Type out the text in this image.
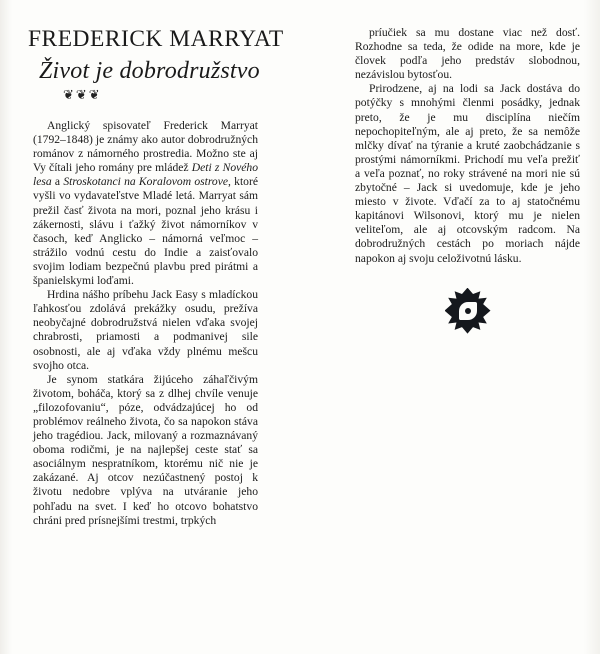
FREDERICK MARRYAT
Život je dobrodružstvo
❦❦❦

Anglický spisovateľ Frederick Marryat (1792–1848) je známy ako autor dobrodružných románov z námorného prostredia. Možno ste aj Vy čítali jeho romány pre mládež Deti z Nového lesa a Stroskotanci na Koralovom ostrove, ktoré vyšli vo vydavateľstve Mladé letá. Marryat sám prežil časť života na mori, poznal jeho krásu i zákernosti, slávu i ťažký život námorníkov v časoch, keď Anglicko – námorná veľmoc – strážilo vodnú cestu do Indie a zaisťovalo svojim lodiam bezpečnú plavbu pred pirátmi a španielskymi loďami.

Hrdina nášho príbehu Jack Easy s mladíckou ľahkosťou zdolává prekážky osudu, prežíva neobyčajné dobrodružstvá nielen vďaka svojej chrabrosti, priamosti a podmanivej sile osobnosti, ale aj vďaka vždy plnému mešcu svojho otca.

Je synom statkára žijúceho záhaľčivým životom, boháča, ktorý sa z dlhej chvíle venuje „filozofovaniu“, póze, odvádzajúcej ho od problémov reálneho života, čo sa napokon stáva jeho tragédiou. Jack, milovaný a rozmaznávaný oboma rodičmi, je na najlepšej ceste stať sa asociálnym nespratníkom, ktorému nič nie je zakázané. Aj otcov nezúčastnený postoj k životu nedobre vplýva na utváranie jeho pohľadu na svet. I keď ho otcovo bohatstvo chráni pred prísnejšími trestmi, trpkých

príučiek sa mu dostane viac než dosť. Rozhodne sa teda, že odide na more, kde je človek podľa jeho predstáv slobodnou, nezávislou bytosťou.

Prirodzene, aj na lodi sa Jack dostáva do potýčky s mnohými členmi posádky, jednak preto, že je mu disciplína niečím nepochopiteľným, ale aj preto, že sa nemôže mlčky dívať na týranie a kruté zaobchádzanie s prostými námorníkmi. Prichodí mu veľa prežiť a veľa poznať, no roky strávené na mori nie sú zbytočné – Jack si uvedomuje, kde je jeho miesto v živote. Vďačí za to aj statočnému kapitánovi Wilsonovi, ktorý mu je nielen veliteľom, ale aj otcovským radcom. Na dobrodružných cestách po moriach nájde napokon aj svoju celoživotnú lásku.
